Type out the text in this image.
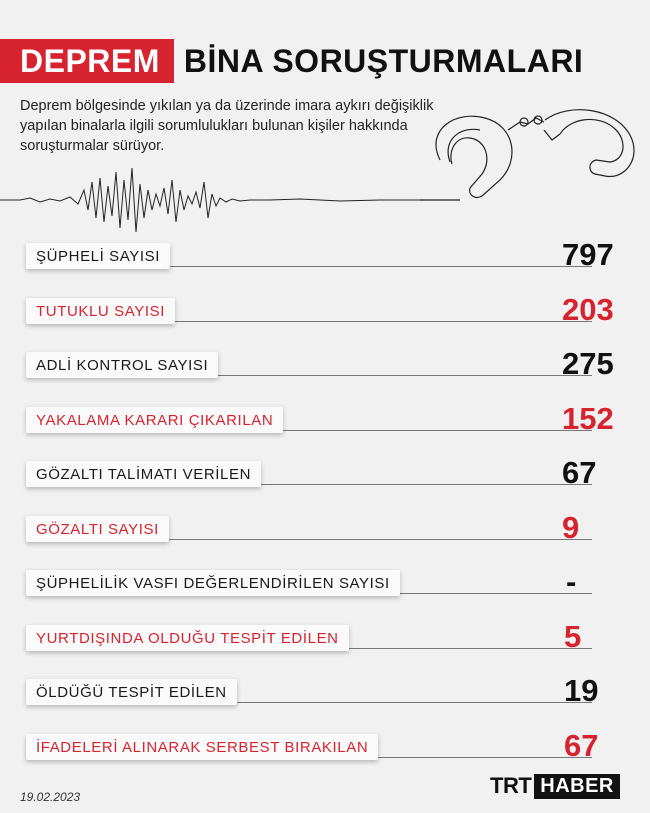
DEPREM BİNA SORUŞTURMALARI
Deprem bölgesinde yıkılan ya da üzerinde imara aykırı değişiklik yapılan binalarla ilgili sorumlulukları bulunan kişiler hakkında soruşturmalar sürüyor.
ŞÜPHELİ SAYISI	797
TUTUKLU SAYISI	203
ADLİ KONTROL SAYISI	275
YAKALAMA KARARI ÇIKARILAN	152
GÖZALTI TALİMATI VERİLEN	67
GÖZALTI SAYISI	9
ŞÜPHELİLİK VASFI DEĞERLENDİRİLEN SAYISI	-
YURTDIŞINDA OLDUĞU TESPİT EDİLEN	5
ÖLDÜĞÜ TESPİT EDİLEN	19
İFADELERİ ALINARAK SERBEST BIRAKILAN	67
19.02.2023	TRT HABER
